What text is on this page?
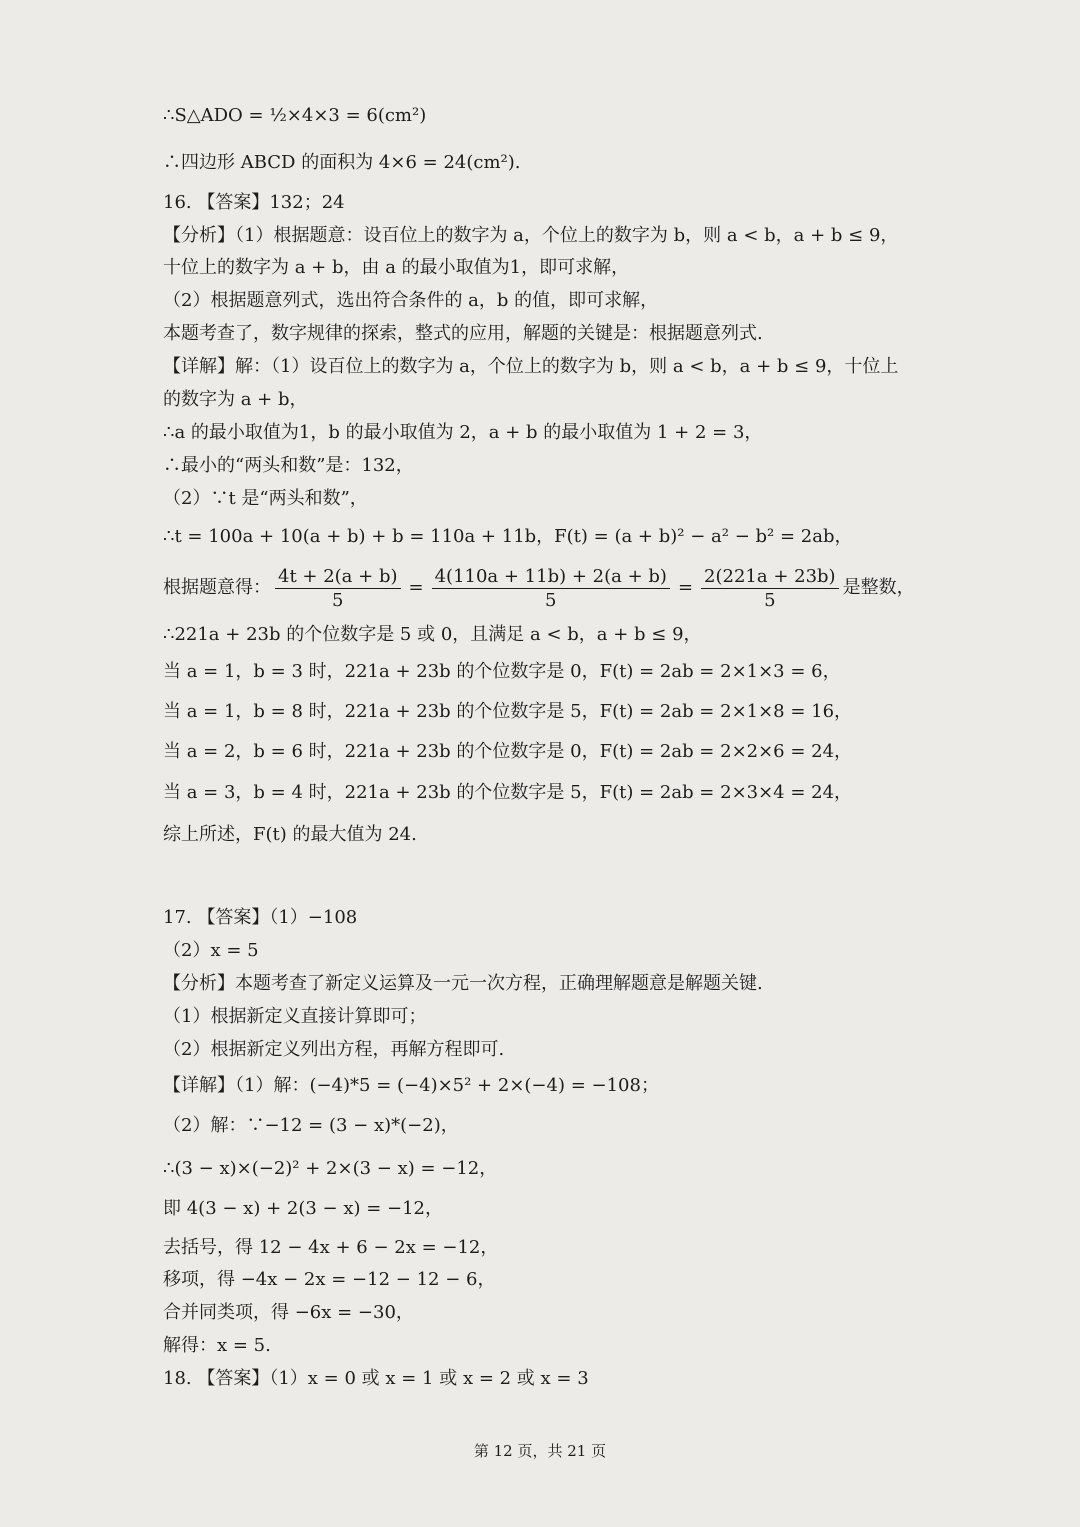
∴S△ADO = ½×4×3 = 6(cm²)
∴四边形 ABCD 的面积为 4×6 = 24(cm²).
16. 【答案】132；24
【分析】（1）根据题意：设百位上的数字为 a，个位上的数字为 b，则 a < b，a + b ≤ 9，
十位上的数字为 a + b，由 a 的最小取值为1，即可求解，
（2）根据题意列式，选出符合条件的 a，b 的值，即可求解，
本题考查了，数字规律的探索，整式的应用，解题的关键是：根据题意列式.
【详解】解：（1）设百位上的数字为 a，个位上的数字为 b，则 a < b，a + b ≤ 9，十位上
的数字为 a + b，
∴a 的最小取值为1，b 的最小取值为 2，a + b 的最小取值为 1 + 2 = 3，
∴最小的“两头和数”是：132，
（2）∵t 是“两头和数”，
∴t = 100a + 10(a + b) + b = 110a + 11b，F(t) = (a + b)² − a² − b² = 2ab，
根据题意得： $\frac{4t + 2(a + b)}{5} = \frac{4(110a + 11b) + 2(a + b)}{5} = \frac{2(221a + 23b)}{5}$ 是整数，
∴221a + 23b 的个位数字是 5 或 0，且满足 a < b，a + b ≤ 9，
当 a = 1，b = 3 时，221a + 23b 的个位数字是 0，F(t) = 2ab = 2×1×3 = 6，
当 a = 1，b = 8 时，221a + 23b 的个位数字是 5，F(t) = 2ab = 2×1×8 = 16，
当 a = 2，b = 6 时，221a + 23b 的个位数字是 0，F(t) = 2ab = 2×2×6 = 24，
当 a = 3，b = 4 时，221a + 23b 的个位数字是 5，F(t) = 2ab = 2×3×4 = 24，
综上所述，F(t) 的最大值为 24.
17. 【答案】（1）−108
（2）x = 5
【分析】本题考查了新定义运算及一元一次方程，正确理解题意是解题关键.
（1）根据新定义直接计算即可；
（2）根据新定义列出方程，再解方程即可.
【详解】（1）解：(−4)*5 = (−4)×5² + 2×(−4) = −108；
（2）解：∵−12 = (3 − x)*(−2)，
∴(3 − x)×(−2)² + 2×(3 − x) = −12，
即 4(3 − x) + 2(3 − x) = −12，
去括号，得 12 − 4x + 6 − 2x = −12，
移项，得 −4x − 2x = −12 − 12 − 6，
合并同类项，得 −6x = −30，
解得：x = 5.
18. 【答案】（1）x = 0 或 x = 1 或 x = 2 或 x = 3
第 12 页，共 21 页
